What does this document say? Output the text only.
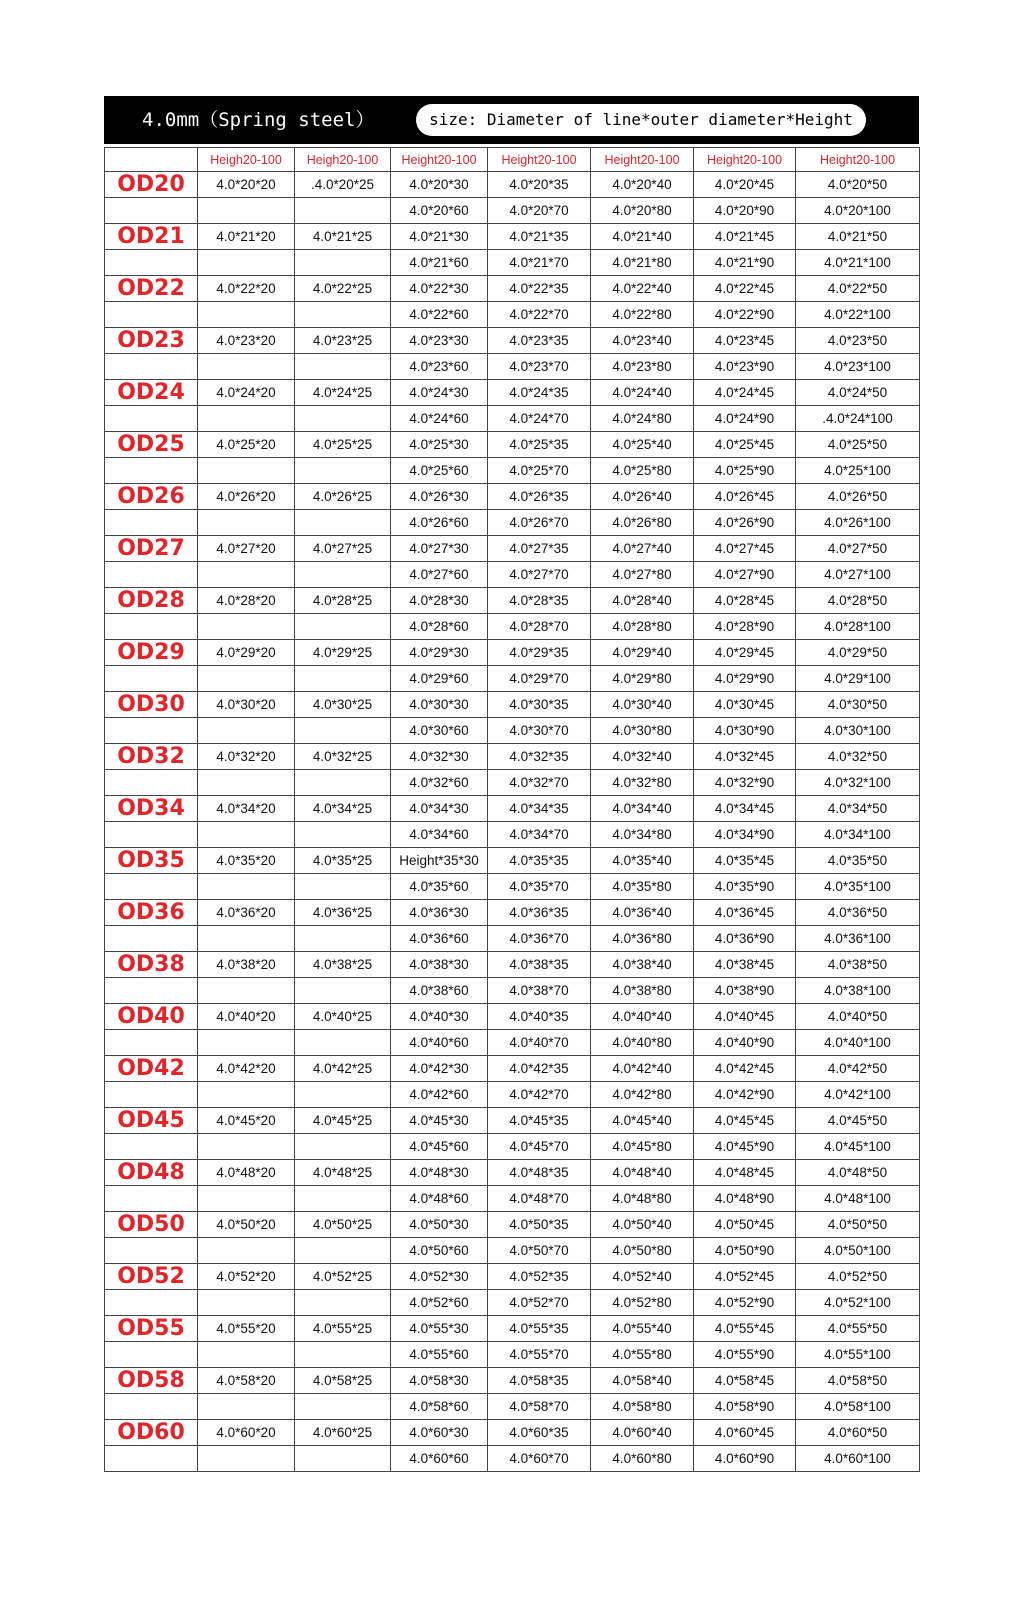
4.0mm（Spring steel）	size: Diameter of line*outer diameter*Height
	Heigh20-100	Heigh20-100	Height20-100	Height20-100	Height20-100	Height20-100	Height20-100
OD20	4.0*20*20	.4.0*20*25	4.0*20*30	4.0*20*35	4.0*20*40	4.0*20*45	4.0*20*50
			4.0*20*60	4.0*20*70	4.0*20*80	4.0*20*90	4.0*20*100
OD21	4.0*21*20	4.0*21*25	4.0*21*30	4.0*21*35	4.0*21*40	4.0*21*45	4.0*21*50
			4.0*21*60	4.0*21*70	4.0*21*80	4.0*21*90	4.0*21*100
OD22	4.0*22*20	4.0*22*25	4.0*22*30	4.0*22*35	4.0*22*40	4.0*22*45	4.0*22*50
			4.0*22*60	4.0*22*70	4.0*22*80	4.0*22*90	4.0*22*100
OD23	4.0*23*20	4.0*23*25	4.0*23*30	4.0*23*35	4.0*23*40	4.0*23*45	4.0*23*50
			4.0*23*60	4.0*23*70	4.0*23*80	4.0*23*90	4.0*23*100
OD24	4.0*24*20	4.0*24*25	4.0*24*30	4.0*24*35	4.0*24*40	4.0*24*45	4.0*24*50
			4.0*24*60	4.0*24*70	4.0*24*80	4.0*24*90	.4.0*24*100
OD25	4.0*25*20	4.0*25*25	4.0*25*30	4.0*25*35	4.0*25*40	4.0*25*45	4.0*25*50
			4.0*25*60	4.0*25*70	4.0*25*80	4.0*25*90	4.0*25*100
OD26	4.0*26*20	4.0*26*25	4.0*26*30	4.0*26*35	4.0*26*40	4.0*26*45	4.0*26*50
			4.0*26*60	4.0*26*70	4.0*26*80	4.0*26*90	4.0*26*100
OD27	4.0*27*20	4.0*27*25	4.0*27*30	4.0*27*35	4.0*27*40	4.0*27*45	4.0*27*50
			4.0*27*60	4.0*27*70	4.0*27*80	4.0*27*90	4.0*27*100
OD28	4.0*28*20	4.0*28*25	4.0*28*30	4.0*28*35	4.0*28*40	4.0*28*45	4.0*28*50
			4.0*28*60	4.0*28*70	4.0*28*80	4.0*28*90	4.0*28*100
OD29	4.0*29*20	4.0*29*25	4.0*29*30	4.0*29*35	4.0*29*40	4.0*29*45	4.0*29*50
			4.0*29*60	4.0*29*70	4.0*29*80	4.0*29*90	4.0*29*100
OD30	4.0*30*20	4.0*30*25	4.0*30*30	4.0*30*35	4.0*30*40	4.0*30*45	4.0*30*50
			4.0*30*60	4.0*30*70	4.0*30*80	4.0*30*90	4.0*30*100
OD32	4.0*32*20	4.0*32*25	4.0*32*30	4.0*32*35	4.0*32*40	4.0*32*45	4.0*32*50
			4.0*32*60	4.0*32*70	4.0*32*80	4.0*32*90	4.0*32*100
OD34	4.0*34*20	4.0*34*25	4.0*34*30	4.0*34*35	4.0*34*40	4.0*34*45	4.0*34*50
			4.0*34*60	4.0*34*70	4.0*34*80	4.0*34*90	4.0*34*100
OD35	4.0*35*20	4.0*35*25	Height*35*30	4.0*35*35	4.0*35*40	4.0*35*45	4.0*35*50
			4.0*35*60	4.0*35*70	4.0*35*80	4.0*35*90	4.0*35*100
OD36	4.0*36*20	4.0*36*25	4.0*36*30	4.0*36*35	4.0*36*40	4.0*36*45	4.0*36*50
			4.0*36*60	4.0*36*70	4.0*36*80	4.0*36*90	4.0*36*100
OD38	4.0*38*20	4.0*38*25	4.0*38*30	4.0*38*35	4.0*38*40	4.0*38*45	4.0*38*50
			4.0*38*60	4.0*38*70	4.0*38*80	4.0*38*90	4.0*38*100
OD40	4.0*40*20	4.0*40*25	4.0*40*30	4.0*40*35	4.0*40*40	4.0*40*45	4.0*40*50
			4.0*40*60	4.0*40*70	4.0*40*80	4.0*40*90	4.0*40*100
OD42	4.0*42*20	4.0*42*25	4.0*42*30	4.0*42*35	4.0*42*40	4.0*42*45	4.0*42*50
			4.0*42*60	4.0*42*70	4.0*42*80	4.0*42*90	4.0*42*100
OD45	4.0*45*20	4.0*45*25	4.0*45*30	4.0*45*35	4.0*45*40	4.0*45*45	4.0*45*50
			4.0*45*60	4.0*45*70	4.0*45*80	4.0*45*90	4.0*45*100
OD48	4.0*48*20	4.0*48*25	4.0*48*30	4.0*48*35	4.0*48*40	4.0*48*45	4.0*48*50
			4.0*48*60	4.0*48*70	4.0*48*80	4.0*48*90	4.0*48*100
OD50	4.0*50*20	4.0*50*25	4.0*50*30	4.0*50*35	4.0*50*40	4.0*50*45	4.0*50*50
			4.0*50*60	4.0*50*70	4.0*50*80	4.0*50*90	4.0*50*100
OD52	4.0*52*20	4.0*52*25	4.0*52*30	4.0*52*35	4.0*52*40	4.0*52*45	4.0*52*50
			4.0*52*60	4.0*52*70	4.0*52*80	4.0*52*90	4.0*52*100
OD55	4.0*55*20	4.0*55*25	4.0*55*30	4.0*55*35	4.0*55*40	4.0*55*45	4.0*55*50
			4.0*55*60	4.0*55*70	4.0*55*80	4.0*55*90	4.0*55*100
OD58	4.0*58*20	4.0*58*25	4.0*58*30	4.0*58*35	4.0*58*40	4.0*58*45	4.0*58*50
			4.0*58*60	4.0*58*70	4.0*58*80	4.0*58*90	4.0*58*100
OD60	4.0*60*20	4.0*60*25	4.0*60*30	4.0*60*35	4.0*60*40	4.0*60*45	4.0*60*50
			4.0*60*60	4.0*60*70	4.0*60*80	4.0*60*90	4.0*60*100
